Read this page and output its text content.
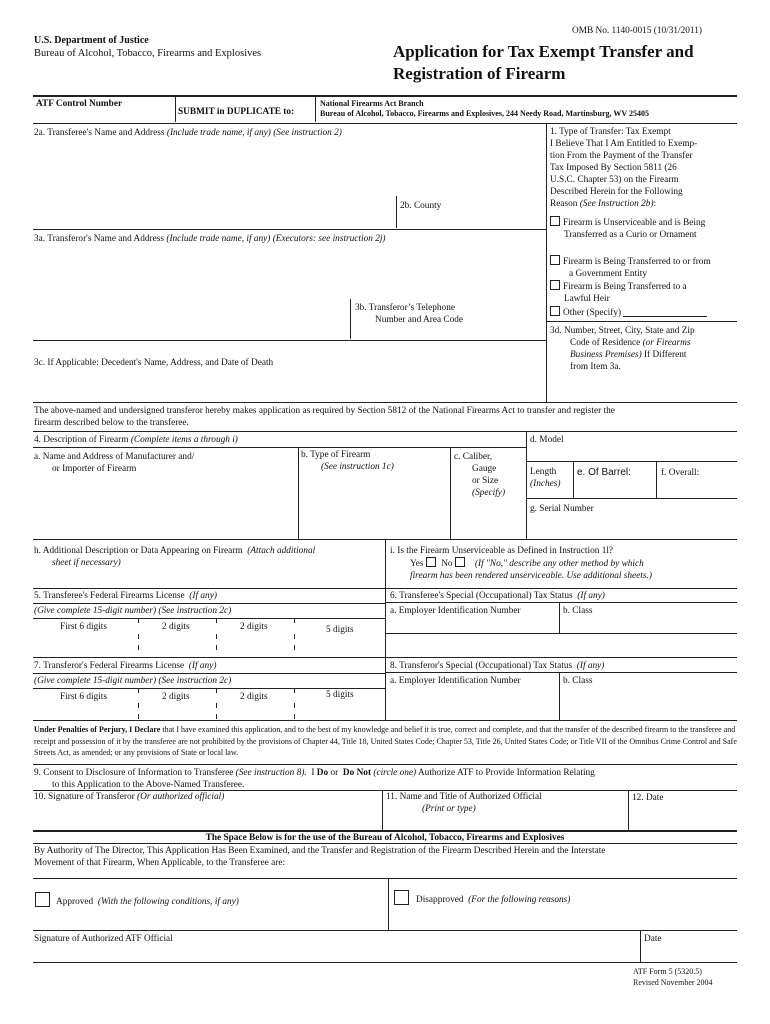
OMB No. 1140-0015 (10/31/2011)
U.S. Department of Justice
Bureau of Alcohol, Tobacco, Firearms and Explosives	Application for Tax Exempt Transfer and
Registration of Firearm
ATF Control Number
SUBMIT in DUPLICATE to:
National Firearms Act Branch
Bureau of Alcohol, Tobacco, Firearms and Explosives, 244 Needy Road, Martinsburg, WV 25405
2a. Transferee's Name and Address (Include trade name, if any) (See instruction 2)
2b. County
3a. Transferor's Name and Address (Include trade name, if any) (Executors: see instruction 2j)
3b. Transferor’s Telephone
Number and Area Code
3c. If Applicable: Decedent's Name, Address, and Date of Death
1. Type of Transfer: Tax Exempt
I Believe That I Am Entitled to Exemp-
tion From the Payment of the Transfer
Tax Imposed By Section 5811 (26
U.S.C. Chapter 53) on the Firearm
Described Herein for the Following
Reason (See Instruction 2b):
Firearm is Unserviceable and is Being
Transferred as a Curio or Ornament
Firearm is Being Transferred to or from
a Government Entity
Firearm is Being Transferred to a
Lawful Heir
Other (Specify)
3d. Number, Street, City, State and Zip
Code of Residence (or Firearms
Business Premises) If Different
from Item 3a.
The above-named and undersigned transferor hereby makes application as required by Section 5812 of the National Firearms Act to transfer and register the
firearm described below to the transferee.
4. Description of Firearm (Complete items a through i)	d. Model
a. Name and Address of Manufacturer and/
or Importer of Firearm
b. Type of Firearm
(See instruction 1c)
c. Caliber,
Gauge
or Size
(Specify)
Length
(Inches)
e. Of Barrel:	f. Overall:
g. Serial Number
h. Additional Description or Data Appearing on Firearm (Attach additional
sheet if necessary)
i. Is the Firearm Unserviceable as Defined in Instruction 1l?
Yes No (If "No," describe any other method by which
firearm has been rendered unserviceable. Use additional sheets.)
5. Transferee's Federal Firearms License (If any)
(Give complete 15-digit number) (See instruction 2c)
First 6 digits	2 digits	2 digits	5 digits
6. Transferee's Special (Occupational) Tax Status (If any)
a. Employer Identification Number	b. Class
7. Transferor's Federal Firearms License (If any)
(Give complete 15-digit number) (See instruction 2c)
First 6 digits	2 digits	2 digits	5 digits
8. Transferor's Special (Occupational) Tax Status (If any)
a. Employer Identification Number	b. Class
Under Penalties of Perjury, I Declare that I have examined this application, and to the best of my knowledge and belief it is true, correct and complete, and that the transfer of the described firearm to the transferee and receipt and possession of it by the transferee are not prohibited by the provisions of Chapter 44, Title 18, United States Code; Chapter 53, Title 26, United States Code; or Title VII of the Omnibus Crime Control and Safe Streets Act, as amended; or any provisions of State or local law.
9. Consent to Disclosure of Information to Transferee (See instruction 8). I Do or Do Not (circle one) Authorize ATF to Provide Information Relating
to this Application to the Above-Named Transferee.
10. Signature of Transferor (Or authorized official)	11. Name and Title of Authorized Official
(Print or type)
12. Date
The Space Below is for the use of the Bureau of Alcohol, Tobacco, Firearms and Explosives
By Authority of The Director, This Application Has Been Examined, and the Transfer and Registration of the Firearm Described Herein and the Interstate
Movement of that Firearm, When Applicable, to the Transferee are:
Approved (With the following conditions, if any)	Disapproved (For the following reasons)
Signature of Authorized ATF Official	Date
ATF Form 5 (5320.5)
Revised November 2004
